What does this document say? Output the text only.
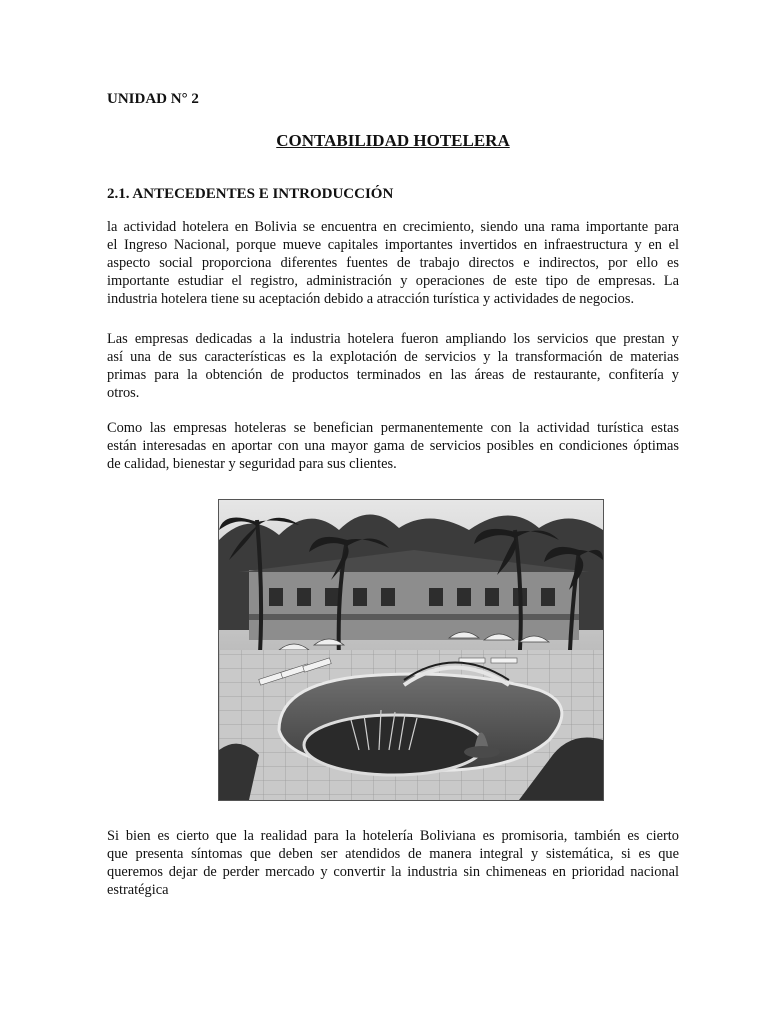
UNIDAD N° 2

CONTABILIDAD HOTELERA
2.1. ANTECEDENTES E INTRODUCCIÓN

la actividad hotelera en Bolivia se encuentra en crecimiento, siendo una rama importante para
el Ingreso Nacional, porque mueve capitales importantes invertidos en infraestructura y en el
aspecto social proporciona diferentes fuentes de trabajo directos e indirectos, por ello es
importante estudiar el registro, administración y operaciones de este tipo de empresas. La
industria hotelera tiene su aceptación debido a atracción turística y actividades de negocios.

Las empresas dedicadas a la industria hotelera fueron ampliando los servicios que prestan y
así una de sus características es la explotación de servicios y la transformación de materias
primas para la obtención de productos terminados en las áreas de restaurante, confitería y
otros.

Como las empresas hoteleras se benefician permanentemente con la actividad turística estas
están interesadas en aportar con una mayor gama de servicios posibles en condiciones óptimas
de calidad, bienestar y seguridad para sus clientes.

Si bien es cierto que la realidad para la hotelería Boliviana es promisoria, también es cierto
que presenta síntomas que deben ser atendidos de manera integral y sistemática, si es que
queremos dejar de perder mercado y convertir la industria sin chimeneas en prioridad nacional
estratégica
